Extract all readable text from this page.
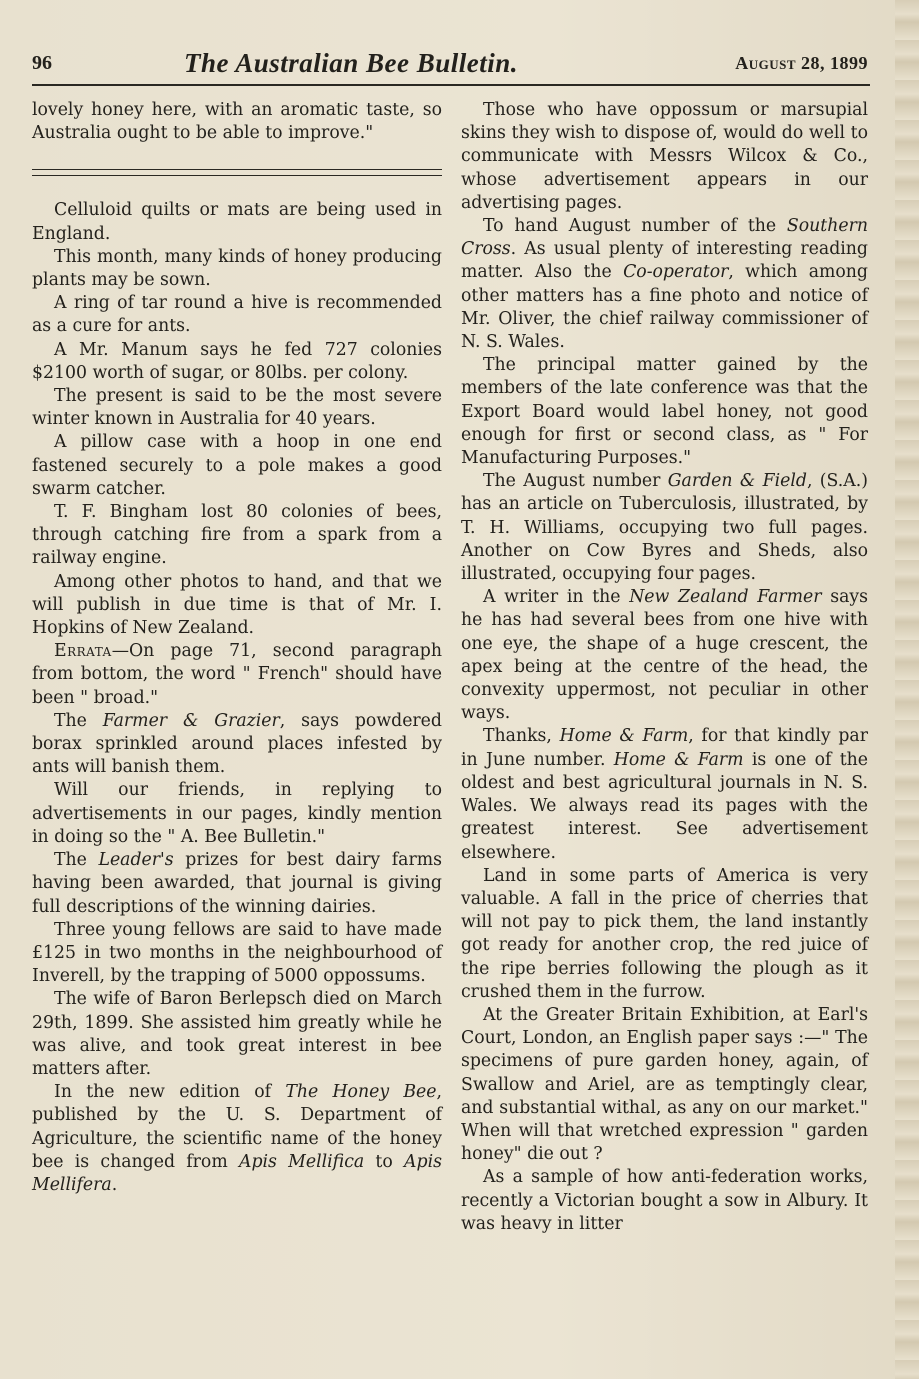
96	The Australian Bee Bulletin.	August 28, 1899

lovely honey here, with an aromatic taste, so Australia ought to be able to improve."

Celluloid quilts or mats are being used in England.

This month, many kinds of honey producing plants may be sown.

A ring of tar round a hive is recommended as a cure for ants.

A Mr. Manum says he fed 727 colonies $2100 worth of sugar, or 80lbs. per colony.

The present is said to be the most severe winter known in Australia for 40 years.

A pillow case with a hoop in one end fastened securely to a pole makes a good swarm catcher.

T. F. Bingham lost 80 colonies of bees, through catching fire from a spark from a railway engine.

Among other photos to hand, and that we will publish in due time is that of Mr. I. Hopkins of New Zealand.

Errata—On page 71, second paragraph from bottom, the word " French" should have been " broad."

The Farmer & Grazier, says powdered borax sprinkled around places infested by ants will banish them.

Will our friends, in replying to advertisements in our pages, kindly mention in doing so the " A. Bee Bulletin."

The Leader's prizes for best dairy farms having been awarded, that journal is giving full descriptions of the winning dairies.

Three young fellows are said to have made £125 in two months in the neighbourhood of Inverell, by the trapping of 5000 oppossums.

The wife of Baron Berlepsch died on March 29th, 1899. She assisted him greatly while he was alive, and took great interest in bee matters after.

In the new edition of The Honey Bee, published by the U. S. Department of Agriculture, the scientific name of the honey bee is changed from Apis Mellifica to Apis Mellifera.

Those who have oppossum or marsupial skins they wish to dispose of, would do well to communicate with Messrs Wilcox & Co., whose advertisement appears in our advertising pages.

To hand August number of the Southern Cross. As usual plenty of interesting reading matter. Also the Co-operator, which among other matters has a fine photo and notice of Mr. Oliver, the chief railway commissioner of N. S. Wales.

The principal matter gained by the members of the late conference was that the Export Board would label honey, not good enough for first or second class, as " For Manufacturing Purposes."

The August number Garden & Field, (S.A.) has an article on Tuberculosis, illustrated, by T. H. Williams, occupying two full pages. Another on Cow Byres and Sheds, also illustrated, occupying four pages.

A writer in the New Zealand Farmer says he has had several bees from one hive with one eye, the shape of a huge crescent, the apex being at the centre of the head, the convexity uppermost, not peculiar in other ways.

Thanks, Home & Farm, for that kindly par in June number. Home & Farm is one of the oldest and best agricultural journals in N. S. Wales. We always read its pages with the greatest interest. See advertisement elsewhere.

Land in some parts of America is very valuable. A fall in the price of cherries that will not pay to pick them, the land instantly got ready for another crop, the red juice of the ripe berries following the plough as it crushed them in the furrow.

At the Greater Britain Exhibition, at Earl's Court, London, an English paper says :—" The specimens of pure garden honey, again, of Swallow and Ariel, are as temptingly clear, and substantial withal, as any on our market." When will that wretched expression " garden honey" die out ?

As a sample of how anti-federation works, recently a Victorian bought a sow in Albury. It was heavy in litter
